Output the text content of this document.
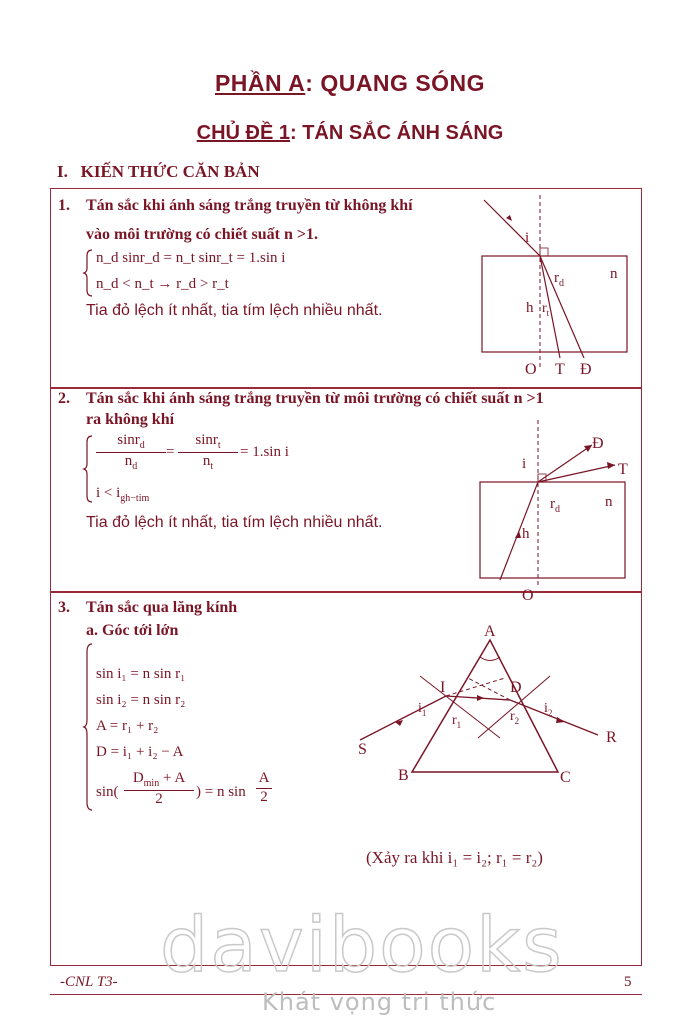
PHẦN A: QUANG SÓNG
CHỦ ĐỀ 1: TÁN SẮC ÁNH SÁNG
I.   KIẾN THỨC CĂN BẢN
1. Tán sắc khi ánh sáng trắng truyền từ không khí
vào môi trường có chiết suất n >1.
n_d sinr_d = n_t sinr_t = 1.sin i
n_d < n_t → r_d > r_t
Tia đỏ lệch ít nhất, tia tím lệch nhiều nhất.
i
$r_d$
$r_t$
h
n
O T Đ
2. Tán sắc khi ánh sáng trắng truyền từ môi trường có chiết suất n >1
ra không khí
sinr$_d$
$n_d$
=
sinr$_t$
$n_t$
= 1.sin i
$i < i_{gh-tim}$
Tia đỏ lệch ít nhất, tia tím lệch nhiều nhất.
i
Đ
T
$r_d$
h
n
O
3. Tán sắc qua lăng kính
a. Góc tới lớn
sin i₁ = n sin r₁
sin i₂ = n sin r₂
A = r₁ + r₂
D = i₁ + i₂ − A
sin(
$D_{min} + A$
2	) = n sin
A
2
A
B	C
I	D
S
R
$i_1$ $r_1$
$r_2$
$i_2$
(Xảy ra khi i₁ = i₂; r₁ = r₂)
davibooks
-CNL T3-	5
Khát vọng tri thức
